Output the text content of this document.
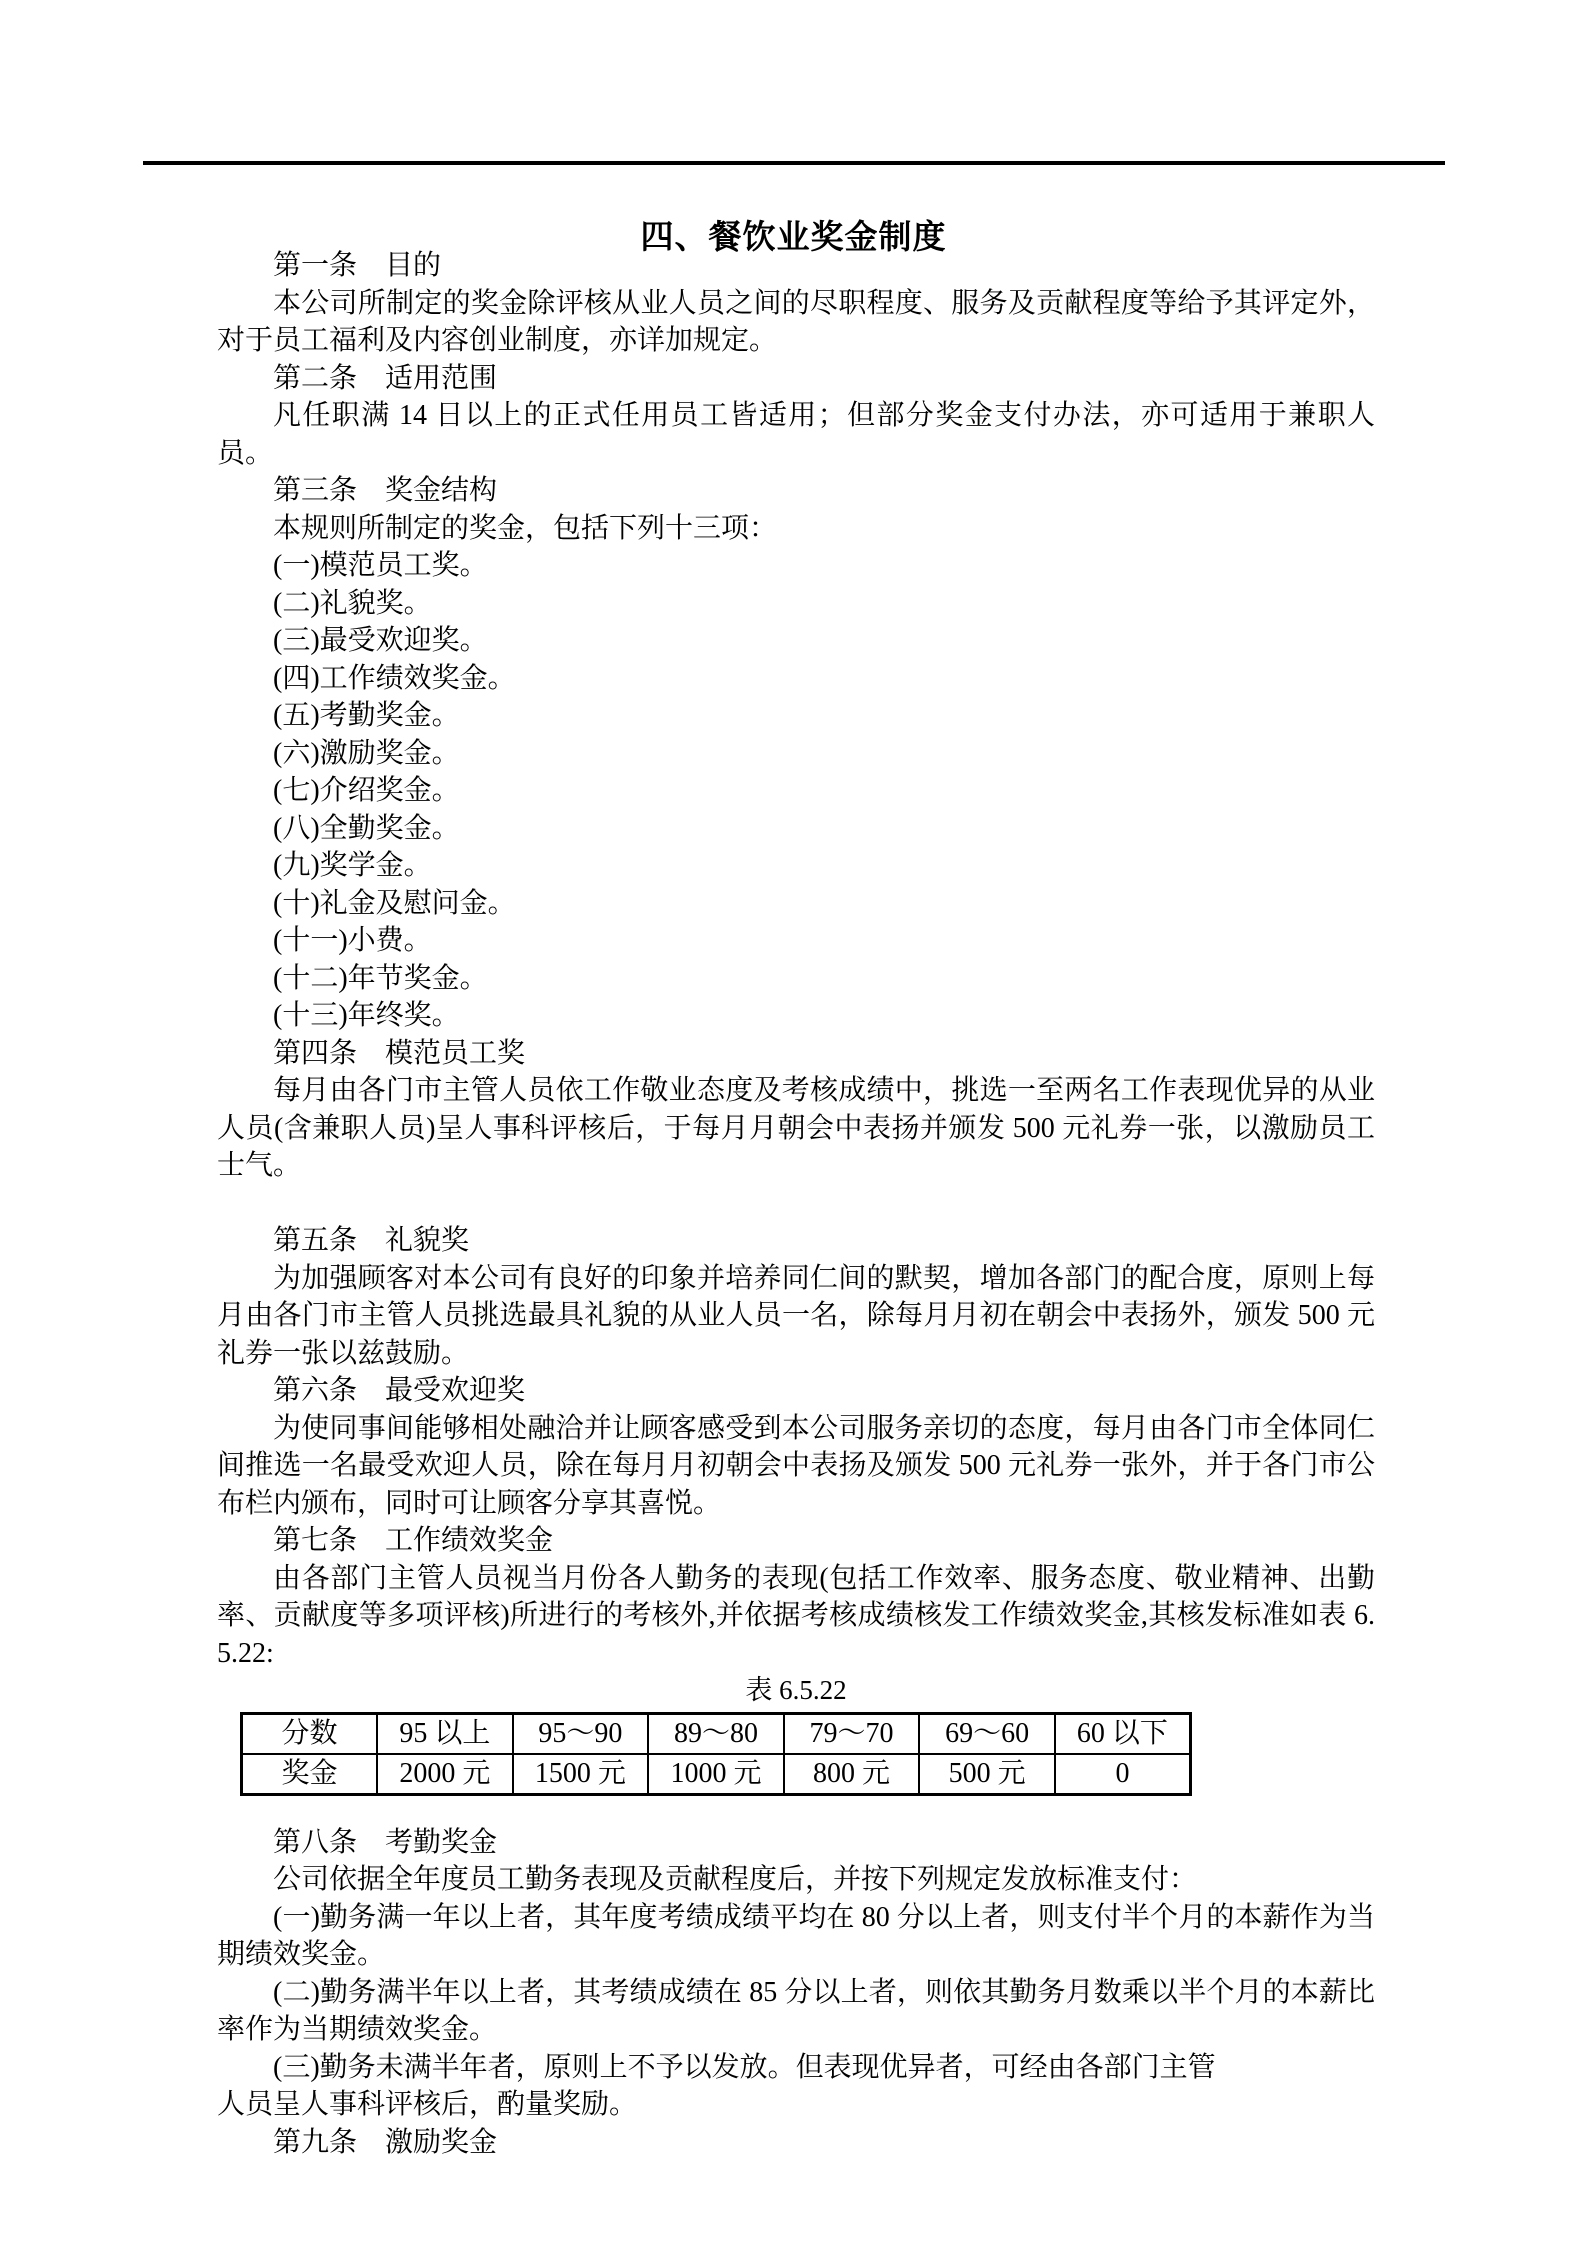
四、餐饮业奖金制度

第一条　目的

本公司所制定的奖金除评核从业人员之间的尽职程度、服务及贡献程度等给予其评定外，对于员工福利及内容创业制度，亦详加规定。

第二条　适用范围

凡任职满 14 日以上的正式任用员工皆适用；但部分奖金支付办法，亦可适用于兼职人员。

第三条　奖金结构

本规则所制定的奖金，包括下列十三项：

(一)模范员工奖。

(二)礼貌奖。

(三)最受欢迎奖。

(四)工作绩效奖金。

(五)考勤奖金。

(六)激励奖金。

(七)介绍奖金。

(八)全勤奖金。

(九)奖学金。

(十)礼金及慰问金。

(十一)小费。

(十二)年节奖金。

(十三)年终奖。

第四条　模范员工奖

每月由各门市主管人员依工作敬业态度及考核成绩中，挑选一至两名工作表现优异的从业人员(含兼职人员)呈人事科评核后，于每月月朝会中表扬并颁发 500 元礼券一张，以激励员工士气。

第五条　礼貌奖

为加强顾客对本公司有良好的印象并培养同仁间的默契，增加各部门的配合度，原则上每月由各门市主管人员挑选最具礼貌的从业人员一名，除每月月初在朝会中表扬外，颁发 500 元礼券一张以兹鼓励。

第六条　最受欢迎奖

为使同事间能够相处融洽并让顾客感受到本公司服务亲切的态度，每月由各门市全体同仁间推选一名最受欢迎人员，除在每月月初朝会中表扬及颁发 500 元礼券一张外，并于各门市公布栏内颁布，同时可让顾客分享其喜悦。

第七条　工作绩效奖金

由各部门主管人员视当月份各人勤务的表现(包括工作效率、服务态度、敬业精神、出勤率、贡献度等多项评核)所进行的考核外,并依据考核成绩核发工作绩效奖金,其核发标准如表 6.5.22:

表 6.5.22

分数	95 以上	95～90	89～80	79～70	69～60	60 以下
奖金	2000 元	1500 元	1000 元	800 元	500 元	0

第八条　考勤奖金

公司依据全年度员工勤务表现及贡献程度后，并按下列规定发放标准支付：

(一)勤务满一年以上者，其年度考绩成绩平均在 80 分以上者，则支付半个月的本薪作为当期绩效奖金。

(二)勤务满半年以上者，其考绩成绩在 85 分以上者，则依其勤务月数乘以半个月的本薪比率作为当期绩效奖金。

(三)勤务未满半年者，原则上不予以发放。但表现优异者，可经由各部门主管

人员呈人事科评核后，酌量奖励。

第九条　激励奖金
